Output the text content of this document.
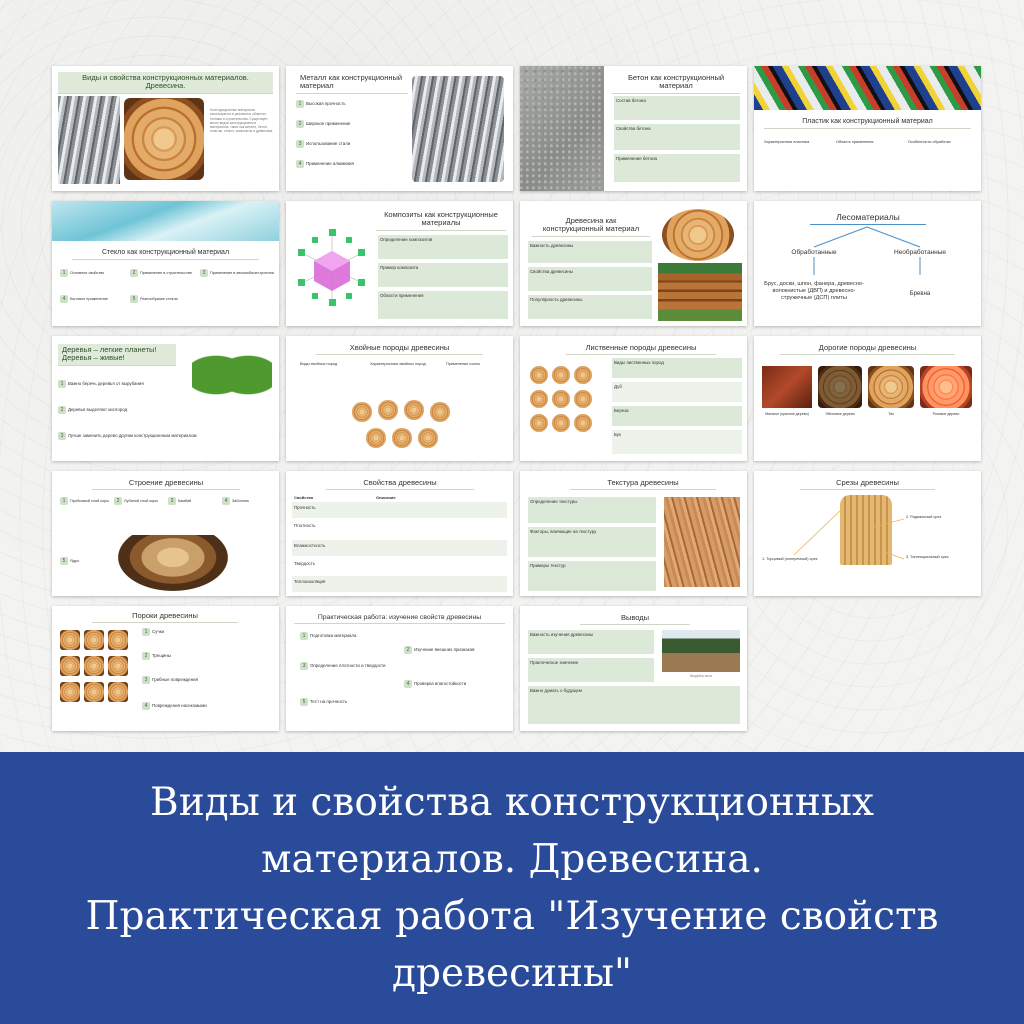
Виды и свойства конструкционных материалов. Древесина.
Конструкционные материалы используются в различных областях техники и строительства. Существует много видов конструкционных материалов, таких как металл, бетон, пластик, стекло, композиты и древесина.
Металл как конструкционный материал
1 Высокая прочность
2 Широкое применение
3 Использование стали
4 Применение алюминия
Бетон как конструкционный материал
Состав бетона
Свойства бетона
Применение бетона
Пластик как конструкционный материал
Характеристики пластика	Область применения	Особенности обработки
Стекло как конструкционный материал
1 Основное свойство	2 Применение в строительстве	3 Применение в автомобилестроении
4 Бытовое применение	5 Разнообразие стекла
Композиты как конструкционные материалы
Определение композитов
Пример композита
Области применения
Древесина как конструкционный материал
Важность древесины
Свойства древесины
Популярность древесины
Лесоматериалы
Обработанные	Необработанные
Брус, доски, шпон, фанера, древесно-волокнистые (ДВП) и древесно-стружечные (ДСП) плиты
Бревна
Деревья – легкие планеты! Деревья – живые!
1 Важно беречь деревья от вырубания
2 Деревья выделяют кислород
3 Лучше заменить дерево другим конструкционным материалом
Хвойные породы древесины
Виды хвойных пород	Характеристики хвойных пород	Применение сосны
Лиственные породы древесины
Виды лиственных пород
Дуб
Береза
Бук
Дорогие породы древесины
Махагон (красное дерево)	Эбеновое дерево	Тик	Розовое дерево
Строение древесины
1 Пробковый слой коры	2 Лубяной слой коры	3 Камбий	4 Заболонь
5 Ядро
Свойства древесины
Свойство	Описание
Прочность
Плотность
Влажностность
Твердость
Теплоизоляция
Текстура древесины
Определение текстуры
Факторы, влияющие на текстуру
Примеры текстур
Срезы древесины
1. Торцовый (поперечный) срез
2. Радиальный срез
3. Тангенциальный срез
Пороки древесины
1 Сучки
2 Трещины
3 Грибные повреждения
4 Повреждения насекомыми
Практическая работа: изучение свойств древесины
1 Подготовка материала
2 Изучение внешних признаков
3 Определение плотности и твердости
4 Проверка влагостойкости
5 Тест на прочность
Выводы
Важность изучения древесины
Практическое значение
Важно думать о будущем
Вырубка леса
Виды и свойства конструкционных
материалов. Древесина.
Практическая работа "Изучение свойств
древесины"
